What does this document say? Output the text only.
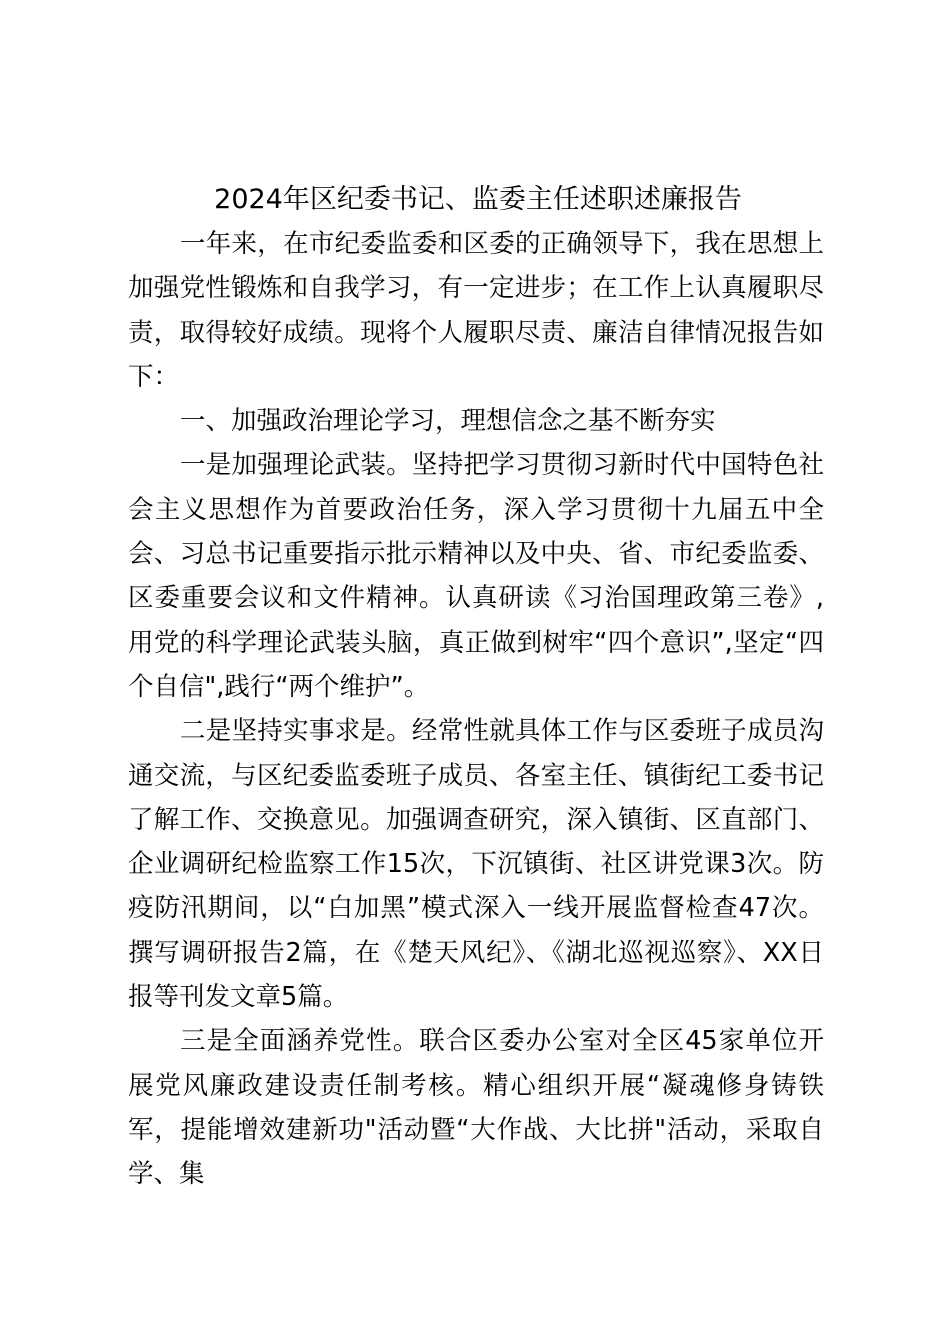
2024年区纪委书记、监委主任述职述廉报告

一年来，在市纪委监委和区委的正确领导下，我在思想上加强党性锻炼和自我学习，有一定进步；在工作上认真履职尽责，取得较好成绩。现将个人履职尽责、廉洁自律情况报告如下：

一、加强政治理论学习，理想信念之基不断夯实

一是加强理论武装。坚持把学习贯彻习新时代中国特色社会主义思想作为首要政治任务，深入学习贯彻十九届五中全会、习总书记重要指示批示精神以及中央、省、市纪委监委、区委重要会议和文件精神。认真研读《习治国理政第三卷》,用党的科学理论武装头脑，真正做到树牢“四个意识”,坚定“四个自信",践行“两个维护”。

二是坚持实事求是。经常性就具体工作与区委班子成员沟通交流，与区纪委监委班子成员、各室主任、镇街纪工委书记了解工作、交换意见。加强调查研究，深入镇街、区直部门、企业调研纪检监察工作15次，下沉镇街、社区讲党课3次。防疫防汛期间，以“白加黑”模式深入一线开展监督检查47次。撰写调研报告2篇，在《楚天风纪》、《湖北巡视巡察》、XX日报等刊发文章5篇。

三是全面涵养党性。联合区委办公室对全区45家单位开展党风廉政建设责任制考核。精心组织开展“凝魂修身铸铁军，提能增效建新功"活动暨“大作战、大比拼"活动，采取自学、集
